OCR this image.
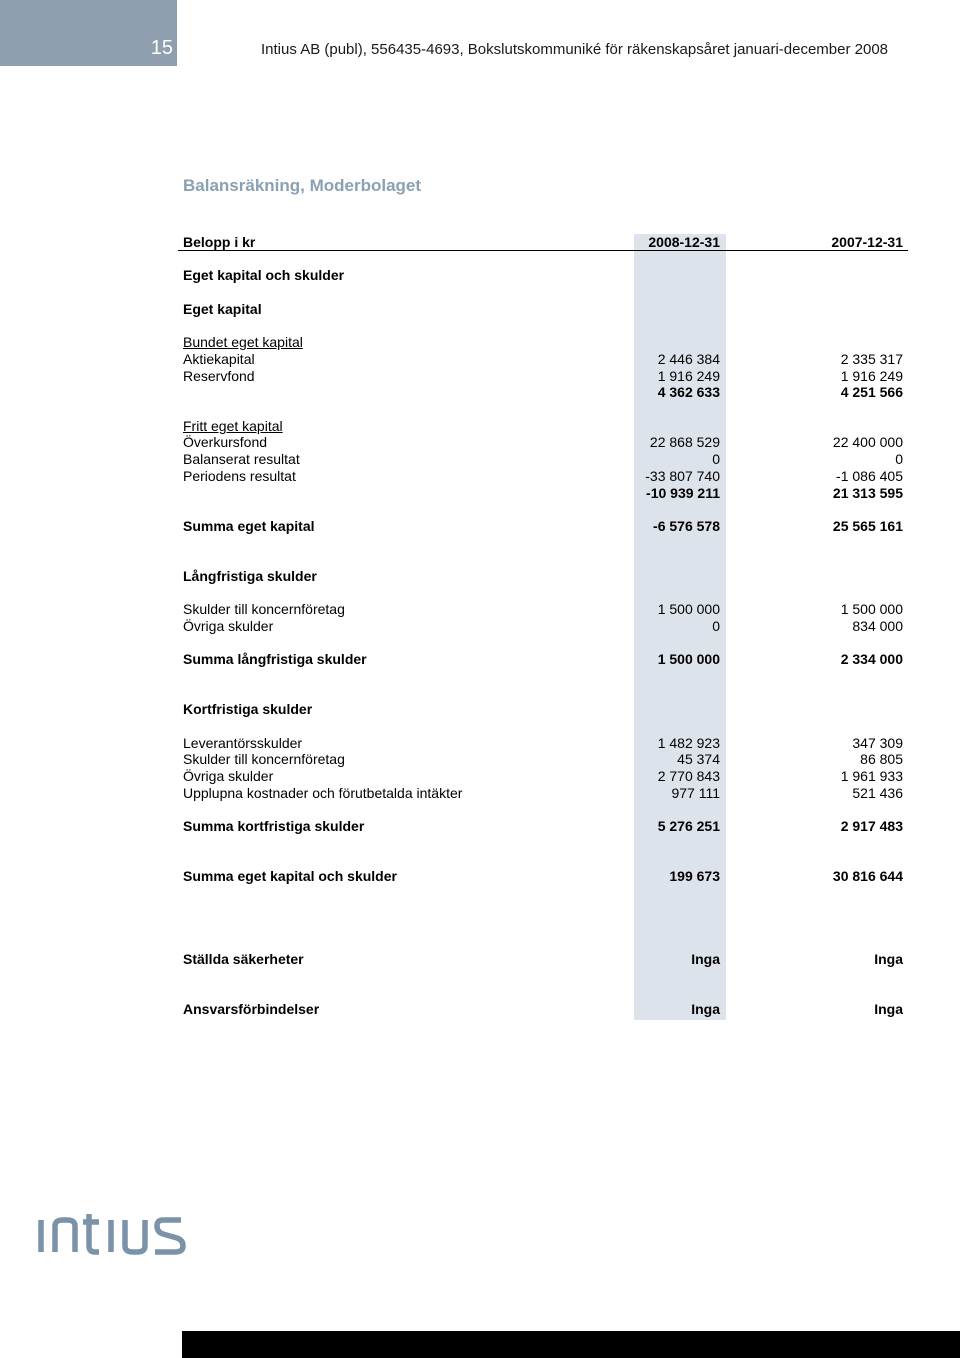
15	Intius AB (publ), 556435-4693, Bokslutskommuniké för räkenskapsåret januari-december 2008
Balansräkning, Moderbolaget
Belopp i kr	2008-12-31	2007-12-31
Eget kapital och skulder
Eget kapital
Bundet eget kapital
Aktiekapital	2 446 384	2 335 317
Reservfond	1 916 249	1 916 249
4 362 633	4 251 566
Fritt eget kapital
Överkursfond	22 868 529	22 400 000
Balanserat resultat	0	0
Periodens resultat	-33 807 740	-1 086 405
-10 939 211	21 313 595
Summa eget kapital	-6 576 578	25 565 161
Långfristiga skulder
Skulder till koncernföretag	1 500 000	1 500 000
Övriga skulder	0	834 000
Summa långfristiga skulder	1 500 000	2 334 000
Kortfristiga skulder
Leverantörsskulder	1 482 923	347 309
Skulder till koncernföretag	45 374	86 805
Övriga skulder	2 770 843	1 961 933
Upplupna kostnader och förutbetalda intäkter	977 111	521 436
Summa kortfristiga skulder	5 276 251	2 917 483
Summa eget kapital och skulder	199 673	30 816 644
Ställda säkerheter	Inga	Inga
Ansvarsförbindelser	Inga	Inga
